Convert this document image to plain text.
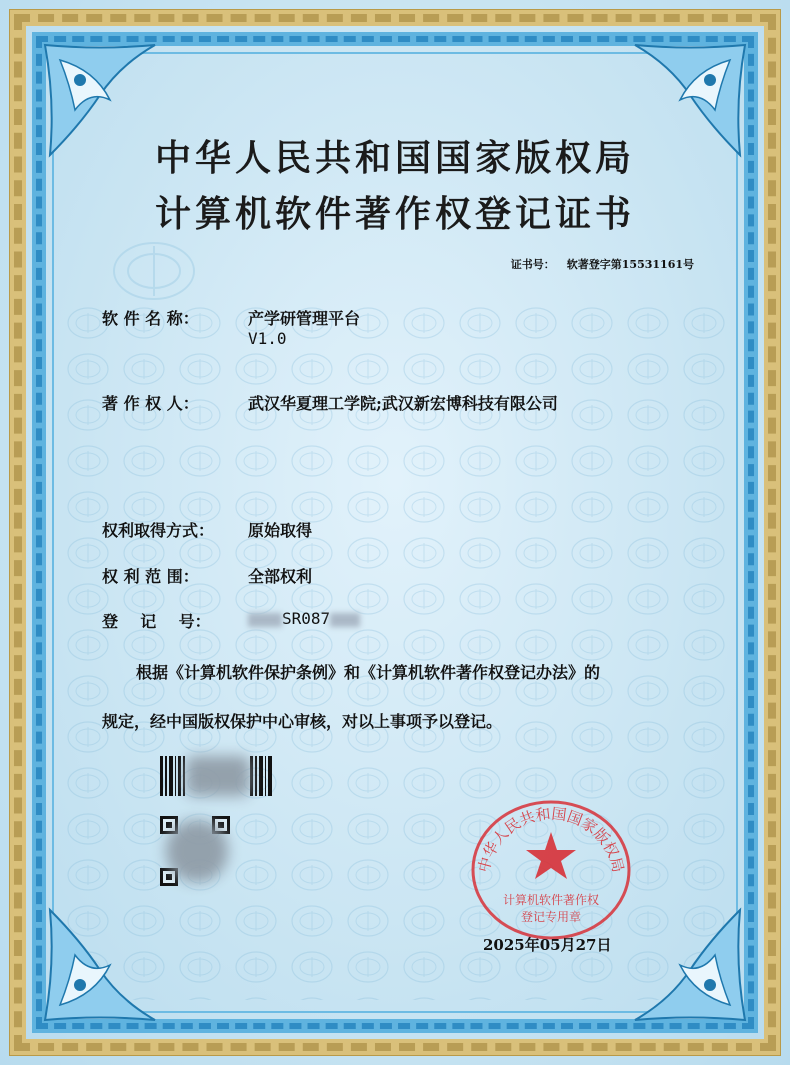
中华人民共和国国家版权局
计算机软件著作权登记证书
证书号： 软著登字第15531161号
软 件 名 称：	产学研管理平台
V1.0
著 作 权 人：	武汉华夏理工学院;武汉新宏博科技有限公司
权利取得方式： 原始取得
权 利 范 围：	全部权利
登    记    号：	SR087
根据《计算机软件保护条例》和《计算机软件著作权登记办法》的
规定，经中国版权保护中心审核，对以上事项予以登记。
中华人民共和国国家版权局
计算机软件著作权
登记专用章
2025年05月27日
